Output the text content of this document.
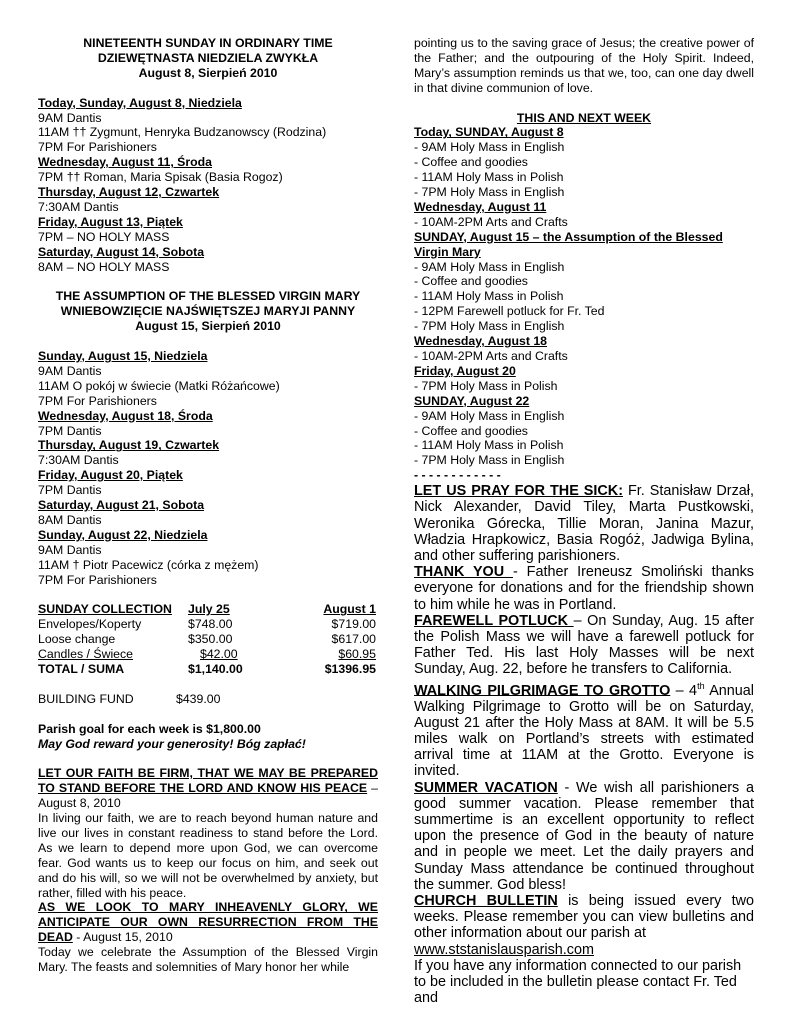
NINETEENTH SUNDAY IN ORDINARY TIME
DZIEWĘTNASTA NIEDZIELA ZWYKŁA
August 8, Sierpień 2010
Today, Sunday, August 8, Niedziela
9AM Dantis
11AM †† Zygmunt, Henryka Budzanowscy (Rodzina)
7PM For Parishioners
Wednesday, August 11, Środa
7PM †† Roman, Maria Spisak (Basia Rogoz)
Thursday, August 12, Czwartek
7:30AM Dantis
Friday, August 13, Piątek
7PM – NO HOLY MASS
Saturday, August 14, Sobota
8AM – NO HOLY MASS
THE ASSUMPTION OF THE BLESSED VIRGIN MARY
WNIEBOWZIĘCIE NAJŚWIĘTSZEJ MARYJI PANNY
August 15, Sierpień 2010
Sunday, August 15, Niedziela
9AM Dantis
11AM O pokój w świecie (Matki Różańcowe)
7PM For Parishioners
Wednesday, August 18, Środa
7PM Dantis
Thursday, August 19, Czwartek
7:30AM Dantis
Friday, August 20, Piątek
7PM Dantis
Saturday, August 21, Sobota
8AM Dantis
Sunday, August 22, Niedziela
9AM Dantis
11AM † Piotr Pacewicz (córka z mężem)
7PM For Parishioners
SUNDAY COLLECTION	July 25	August 1
Envelopes/Koperty	$748.00	$719.00
Loose change	$350.00	$617.00
Candles / Świece	$42.00	$60.95
TOTAL / SUMA	$1,140.00	$1396.95
BUILDING FUND	$439.00
Parish goal for each week is $1,800.00
May God reward your generosity! Bóg zapłać!
LET OUR FAITH BE FIRM, THAT WE MAY BE PREPARED TO STAND BEFORE THE LORD AND KNOW HIS PEACE – August 8, 2010
In living our faith, we are to reach beyond human nature and live our lives in constant readiness to stand before the Lord. As we learn to depend more upon God, we can overcome fear. God wants us to keep our focus on him, and seek out and do his will, so we will not be overwhelmed by anxiety, but rather, filled with his peace.
AS WE LOOK TO MARY INHEAVENLY GLORY, WE ANTICIPATE OUR OWN RESURRECTION FROM THE DEAD - August 15, 2010
Today we celebrate the Assumption of the Blessed Virgin Mary. The feasts and solemnities of Mary honor her while
pointing us to the saving grace of Jesus; the creative power of the Father; and the outpouring of the Holy Spirit. Indeed, Mary’s assumption reminds us that we, too, can one day dwell in that divine communion of love.
THIS AND NEXT WEEK
Today, SUNDAY, August 8
- 9AM Holy Mass in English
- Coffee and goodies
- 11AM Holy Mass in Polish
- 7PM Holy Mass in English
Wednesday, August 11
- 10AM-2PM Arts and Crafts
SUNDAY, August 15 – the Assumption of the Blessed
Virgin Mary
- 9AM Holy Mass in English
- Coffee and goodies
- 11AM Holy Mass in Polish
- 12PM Farewell potluck for Fr. Ted
- 7PM Holy Mass in English
Wednesday, August 18
- 10AM-2PM Arts and Crafts
Friday, August 20
- 7PM Holy Mass in Polish
SUNDAY, August 22
- 9AM Holy Mass in English
- Coffee and goodies
- 11AM Holy Mass in Polish
- 7PM Holy Mass in English
- - - - - - - - - - - -

LET US PRAY FOR THE SICK: Fr. Stanisław Drzał, Nick Alexander, David Tiley, Marta Pustkowski, Weronika Górecka, Tillie Moran, Janina Mazur, Władzia Hrapkowicz, Basia Rogóż, Jadwiga Bylina, and other suffering parishioners.

THANK YOU - Father Ireneusz Smoliński thanks everyone for donations and for the friendship shown to him while he was in Portland.

FAREWELL POTLUCK – On Sunday, Aug. 15 after the Polish Mass we will have a farewell potluck for Father Ted. His last Holy Masses will be next Sunday, Aug. 22, before he transfers to California.

WALKING PILGRIMAGE TO GROTTO – 4th Annual Walking Pilgrimage to Grotto will be on Saturday, August 21 after the Holy Mass at 8AM. It will be 5.5 miles walk on Portland’s streets with estimated arrival time at 11AM at the Grotto. Everyone is invited.

SUMMER VACATION - We wish all parishioners a good summer vacation. Please remember that summertime is an excellent opportunity to reflect upon the presence of God in the beauty of nature and in people we meet. Let the daily prayers and Sunday Mass attendance be continued throughout the summer. God bless!

CHURCH BULLETIN is being issued every two weeks. Please remember you can view bulletins and other information about our parish at

www.ststanislausparish.com

If you have any information connected to our parish to be included in the bulletin please contact Fr. Ted and
